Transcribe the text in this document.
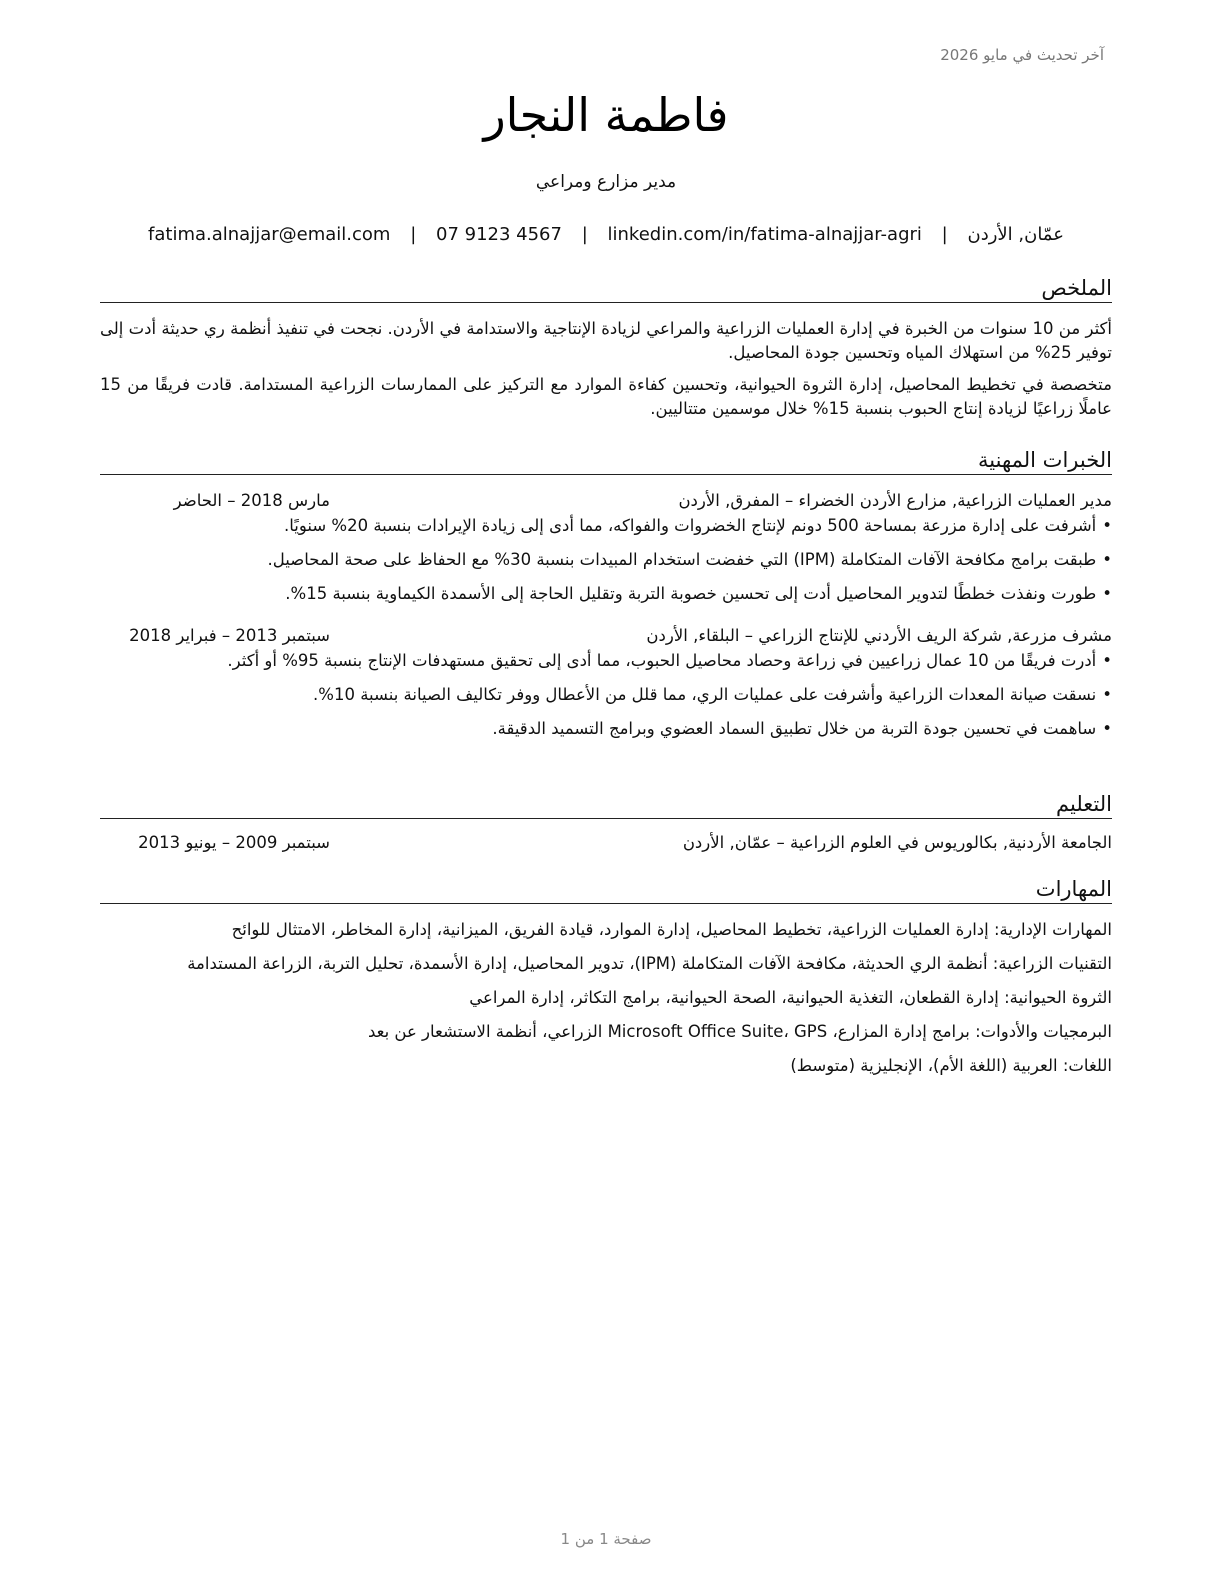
آخر تحديث في مايو 2026

فاطمة النجار

مدير مزارع ومراعي

عمّان, الأردن | fatima.alnajjar@email.com | 07 9123 4567 | linkedin.com/in/fatima-alnajjar-agri

الملخص

أكثر من 10 سنوات من الخبرة في إدارة العمليات الزراعية والمراعي لزيادة الإنتاجية والاستدامة في الأردن. نجحت في تنفيذ أنظمة ري حديثة أدت إلى توفير 25% من استهلاك المياه وتحسين جودة المحاصيل.

متخصصة في تخطيط المحاصيل، إدارة الثروة الحيوانية، وتحسين كفاءة الموارد مع التركيز على الممارسات الزراعية المستدامة. قادت فريقًا من 15 عاملًا زراعيًا لزيادة إنتاج الحبوب بنسبة 15% خلال موسمين متتاليين.

الخبرات المهنية
مدير العمليات الزراعية, مزارع الأردن الخضراء – المفرق, الأردن
مارس 2018 – الحاضر
• أشرفت على إدارة مزرعة بمساحة 500 دونم لإنتاج الخضروات والفواكه، مما أدى إلى زيادة الإيرادات بنسبة 20% سنويًا.
• طبقت برامج مكافحة الآفات المتكاملة (IPM) التي خفضت استخدام المبيدات بنسبة 30% مع الحفاظ على صحة المحاصيل.
• طورت ونفذت خططًا لتدوير المحاصيل أدت إلى تحسين خصوبة التربة وتقليل الحاجة إلى الأسمدة الكيماوية بنسبة 15%.
مشرف مزرعة, شركة الريف الأردني للإنتاج الزراعي – البلقاء, الأردن
سبتمبر 2013 – فبراير 2018
• أدرت فريقًا من 10 عمال زراعيين في زراعة وحصاد محاصيل الحبوب، مما أدى إلى تحقيق مستهدفات الإنتاج بنسبة 95% أو أكثر.
• نسقت صيانة المعدات الزراعية وأشرفت على عمليات الري، مما قلل من الأعطال ووفر تكاليف الصيانة بنسبة 10%.
• ساهمت في تحسين جودة التربة من خلال تطبيق السماد العضوي وبرامج التسميد الدقيقة.
التعليم
الجامعة الأردنية, بكالوريوس في العلوم الزراعية – عمّان, الأردن
سبتمبر 2009 – يونيو 2013
المهارات

المهارات الإدارية: إدارة العمليات الزراعية، تخطيط المحاصيل، إدارة الموارد، قيادة الفريق، الميزانية، إدارة المخاطر، الامتثال للوائح

التقنيات الزراعية: أنظمة الري الحديثة، مكافحة الآفات المتكاملة (IPM)، تدوير المحاصيل، إدارة الأسمدة، تحليل التربة، الزراعة المستدامة

الثروة الحيوانية: إدارة القطعان، التغذية الحيوانية، الصحة الحيوانية، برامج التكاثر، إدارة المراعي

البرمجيات والأدوات: برامج إدارة المزارع، Microsoft Office Suite، GPS الزراعي، أنظمة الاستشعار عن بعد

اللغات: العربية (اللغة الأم)، الإنجليزية (متوسط)

صفحة 1 من 1
